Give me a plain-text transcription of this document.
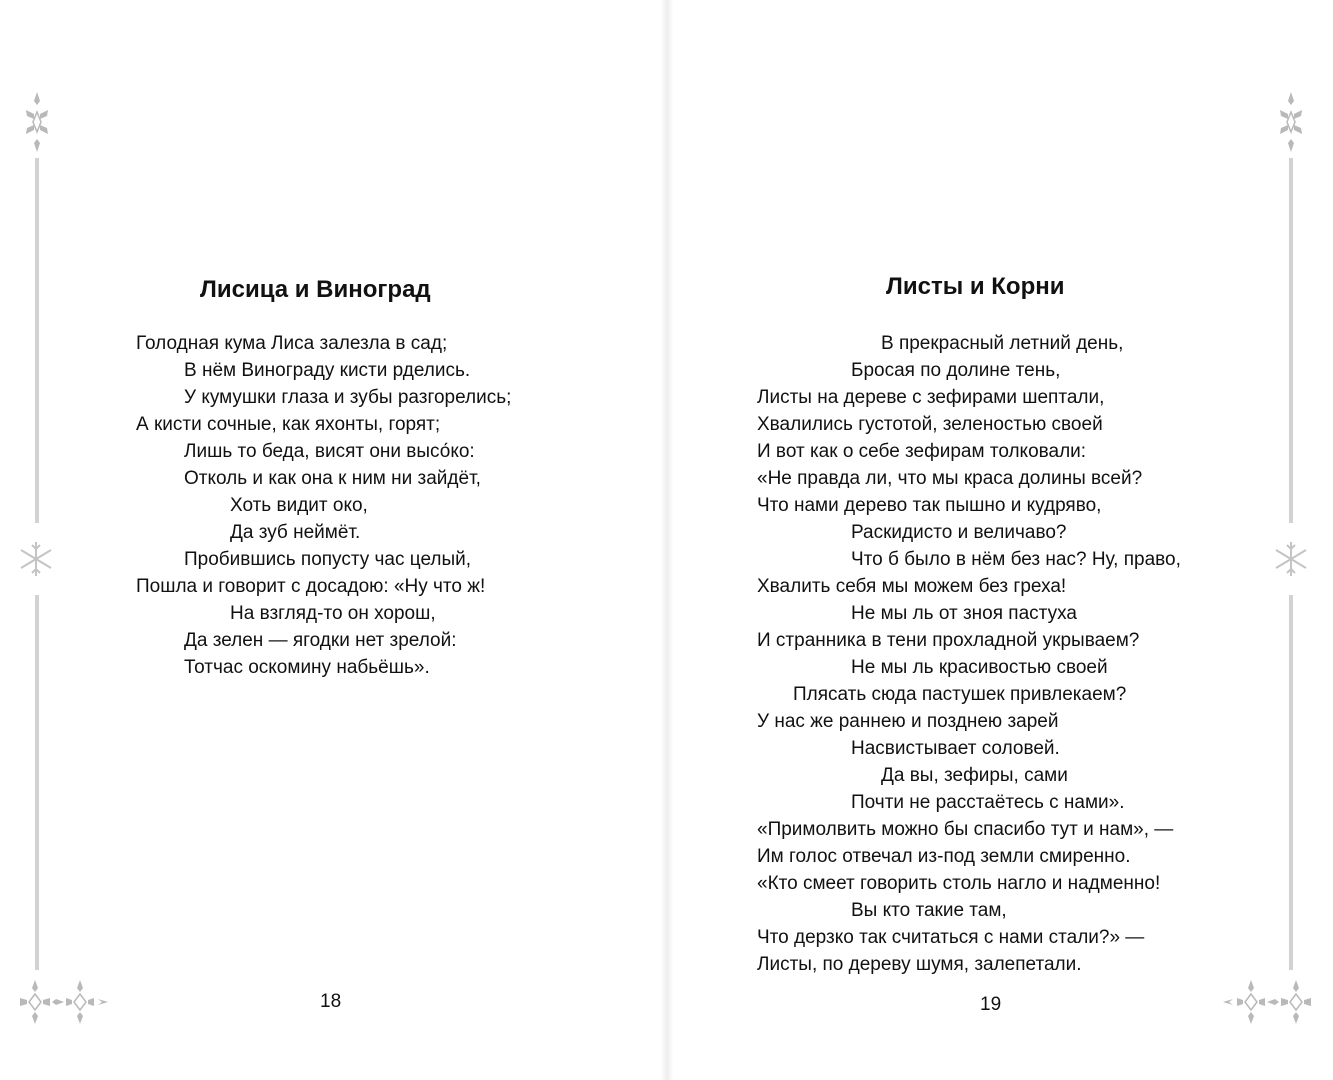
Лисица и Виноград
Голодная кума Лиса залезла в сад;
В нём Винограду кисти рделись.
У кумушки глаза и зубы разгорелись;
А кисти сочные, как яхонты, горят;
Лишь то беда, висят они высо́ко:
Отколь и как она к ним ни зайдёт,
Хоть видит око,
Да зуб неймёт.
Пробившись попусту час целый,
Пошла и говорит с досадою: «Ну что ж!
На взгляд-то он хорош,
Да зелен — ягодки нет зрелой:
Тотчас оскомину набьёшь».
18
Листы и Корни
В прекрасный летний день,
Бросая по долине тень,
Листы на дереве с зефирами шептали,
Хвалились густотой, зеленостью своей
И вот как о себе зефирам толковали:
«Не правда ли, что мы краса долины всей?
Что нами дерево так пышно и кудряво,
Раскидисто и величаво?
Что б было в нём без нас? Ну, право,
Хвалить себя мы можем без греха!
Не мы ль от зноя пастуха
И странника в тени прохладной укрываем?
Не мы ль красивостью своей
Плясать сюда пастушек привлекаем?
У нас же раннею и позднею зарей
Насвистывает соловей.
Да вы, зефиры, сами
Почти не расстаётесь с нами».
«Примолвить можно бы спасибо тут и нам», —
Им голос отвечал из-под земли смиренно.
«Кто смеет говорить столь нагло и надменно!
Вы кто такие там,
Что дерзко так считаться с нами стали?» —
Листы, по дереву шумя, залепетали.
19
